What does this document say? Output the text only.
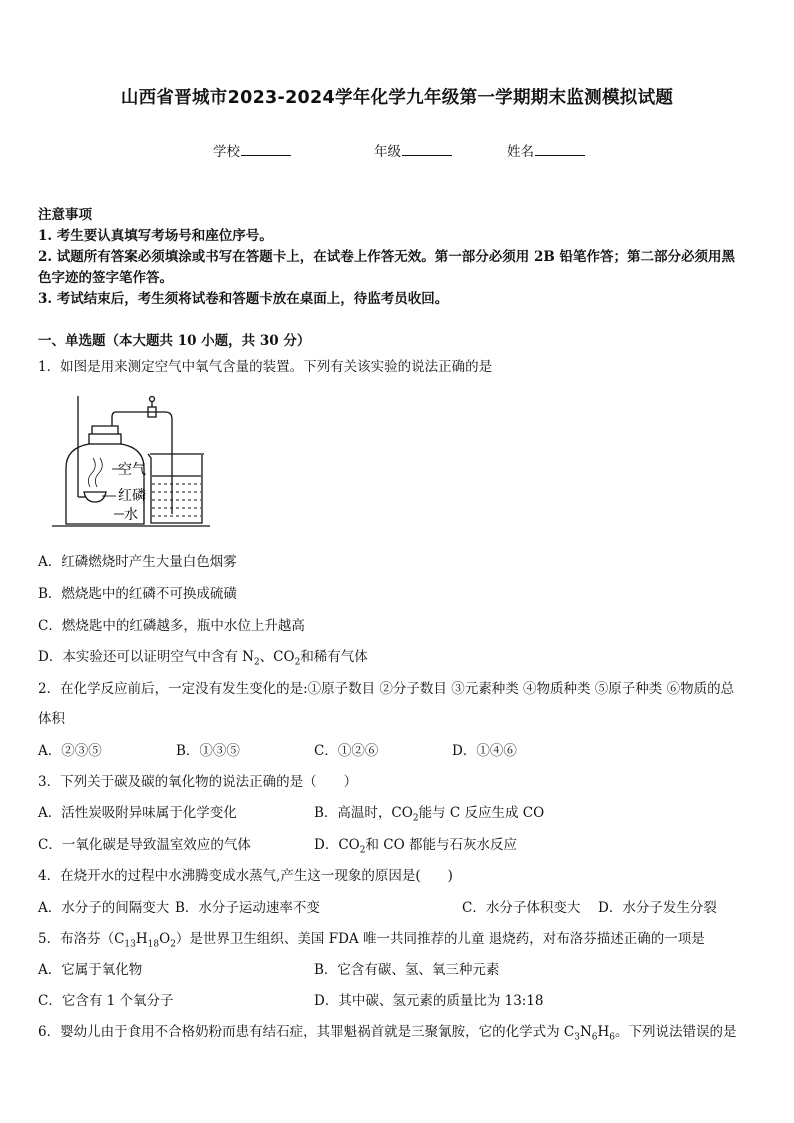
山西省晋城市2023-2024学年化学九年级第一学期期末监测模拟试题
学校	年级	姓名
注意事项
1. 考生要认真填写考场号和座位序号。
2. 试题所有答案必须填涂或书写在答题卡上，在试卷上作答无效。第一部分必须用 2B 铅笔作答；第二部分必须用黑
色字迹的签字笔作答。
3. 考试结束后，考生须将试卷和答题卡放在桌面上，待监考员收回。
一、单选题（本大题共 10 小题，共 30 分）
1．如图是用来测定空气中氧气含量的装置。下列有关该实验的说法正确的是
空气
红磷
水
A．红磷燃烧时产生大量白色烟雾
B．燃烧匙中的红磷不可换成硫磺
C．燃烧匙中的红磷越多，瓶中水位上升越高
D．本实验还可以证明空气中含有 $N_2$、$CO_2$和稀有气体
2．在化学反应前后，一定没有发生变化的是:①原子数目 ②分子数目 ③元素种类 ④物质种类 ⑤原子种类 ⑥物质的总
体积
A．②③⑤	B．①③⑤	C．①②⑥	D．①④⑥
3．下列关于碳及碳的氧化物的说法正确的是（　　）
A．活性炭吸附异味属于化学变化	B．高温时，$CO_2$能与 C 反应生成 CO
C．一氧化碳是导致温室效应的气体	D．$CO_2$和 CO 都能与石灰水反应
4．在烧开水的过程中水沸腾变成水蒸气,产生这一现象的原因是(　　)
A．水分子的间隔变大 B．水分子运动速率不变	C．水分子体积变大 D．水分子发生分裂
5．布洛芬$(C_{13}H_{18}O_2)$是世界卫生组织、美国 FDA 唯一共同推荐的儿童 退烧药，对布洛芬描述正确的一项是
A．它属于氧化物	B．它含有碳、氢、氧三种元素
C．它含有 1 个氧分子	D．其中碳、氢元素的质量比为 13:18
6．婴幼儿由于食用不合格奶粉而患有结石症，其罪魁祸首就是三聚氰胺，它的化学式为 $C_3N_6H_6$。下列说法错误的是
